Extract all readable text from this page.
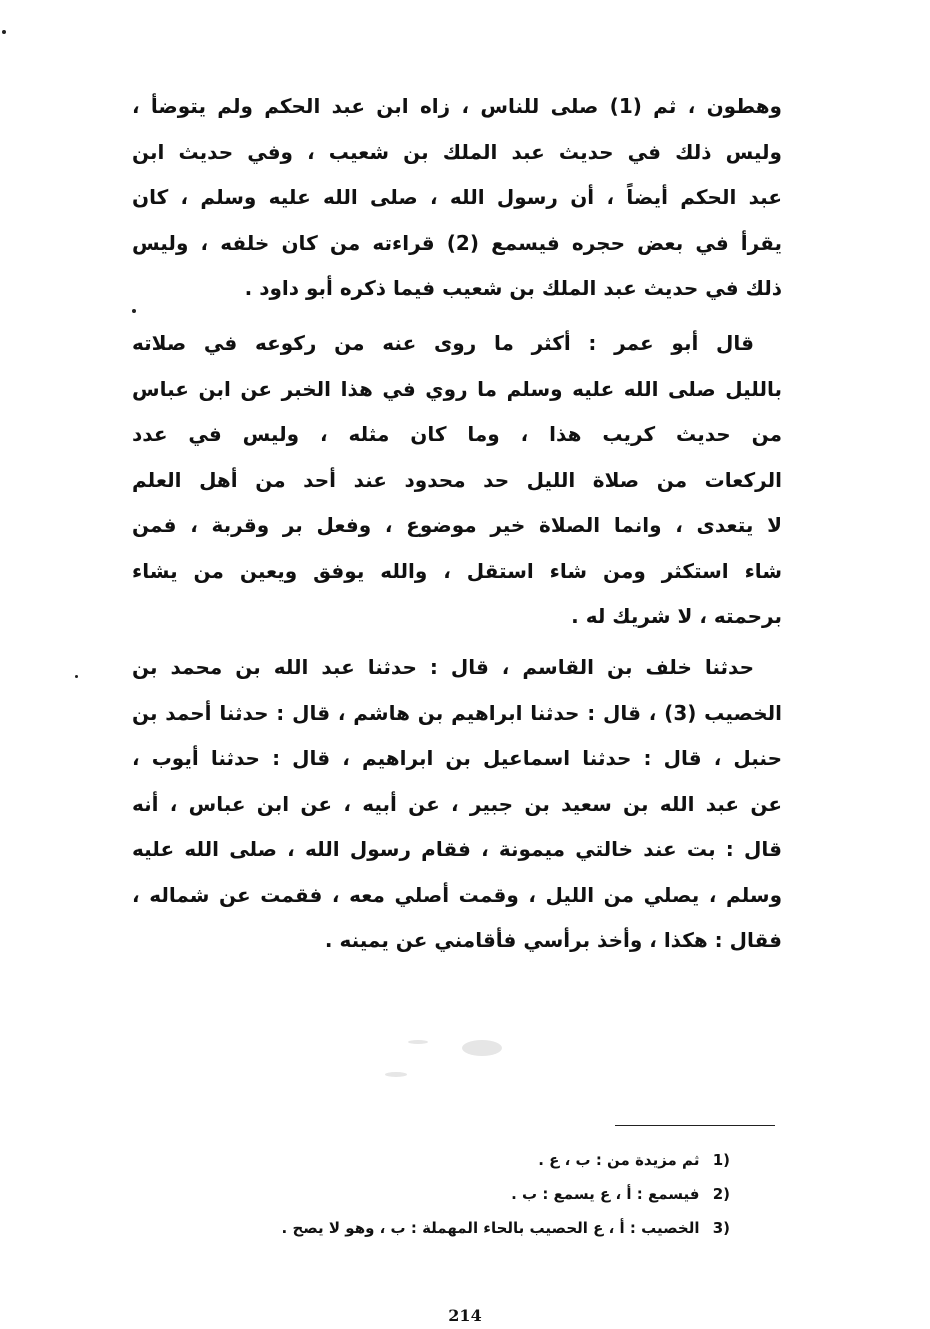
وهطون ، ثم (1) صلى للناس ، زاه ابن عبد الحكم ولم يتوضأ ،
وليس ذلك في حديث عبد الملك بن شعيب ، وفي حديث ابن
عبد الحكم أيضاً ، أن رسول الله ، صلى الله عليه وسلم ، كان
يقرأ في بعض حجره فيسمع (2) قراءته من كان خلفه ، وليس
ذلك في حديث عبد الملك بن شعيب فيما ذكره أبو داود .
قال أبو عمر : أكثر ما روى عنه من ركوعه في صلاته
بالليل صلى الله عليه وسلم ما روي في هذا الخبر عن ابن عباس
من حديث كريب هذا ، وما كان مثله ، وليس في عدد
الركعات من صلاة الليل حد محدود عند أحد من أهل العلم
لا يتعدى ، وانما الصلاة خير موضوع ، وفعل بر وقربة ، فمن
شاء استكثر ومن شاء استقل ، والله يوفق ويعين من يشاء
برحمته ، لا شريك له .
حدثنا خلف بن القاسم ، قال : حدثنا عبد الله بن محمد بن
الخصيب (3) ، قال : حدثنا ابراهيم بن هاشم ، قال : حدثنا أحمد بن
حنبل ، قال : حدثنا اسماعيل بن ابراهيم ، قال : حدثنا أيوب ،
عن عبد الله بن سعيد بن جبير ، عن أبيه ، عن ابن عباس ، أنه
قال : بت عند خالتي ميمونة ، فقام رسول الله ، صلى الله عليه
وسلم ، يصلي من الليل ، وقمت أصلي معه ، فقمت عن شماله ،
فقال : هكذا ، وأخذ برأسي فأقامني عن يمينه .
(1 ثم مزيدة من : ب ، ع .
(2 فيسمع : أ ، ع يسمع : ب .
(3 الخصيب : أ ، ع الحصيب بالحاء المهملة : ب ، وهو لا يصح .
214
